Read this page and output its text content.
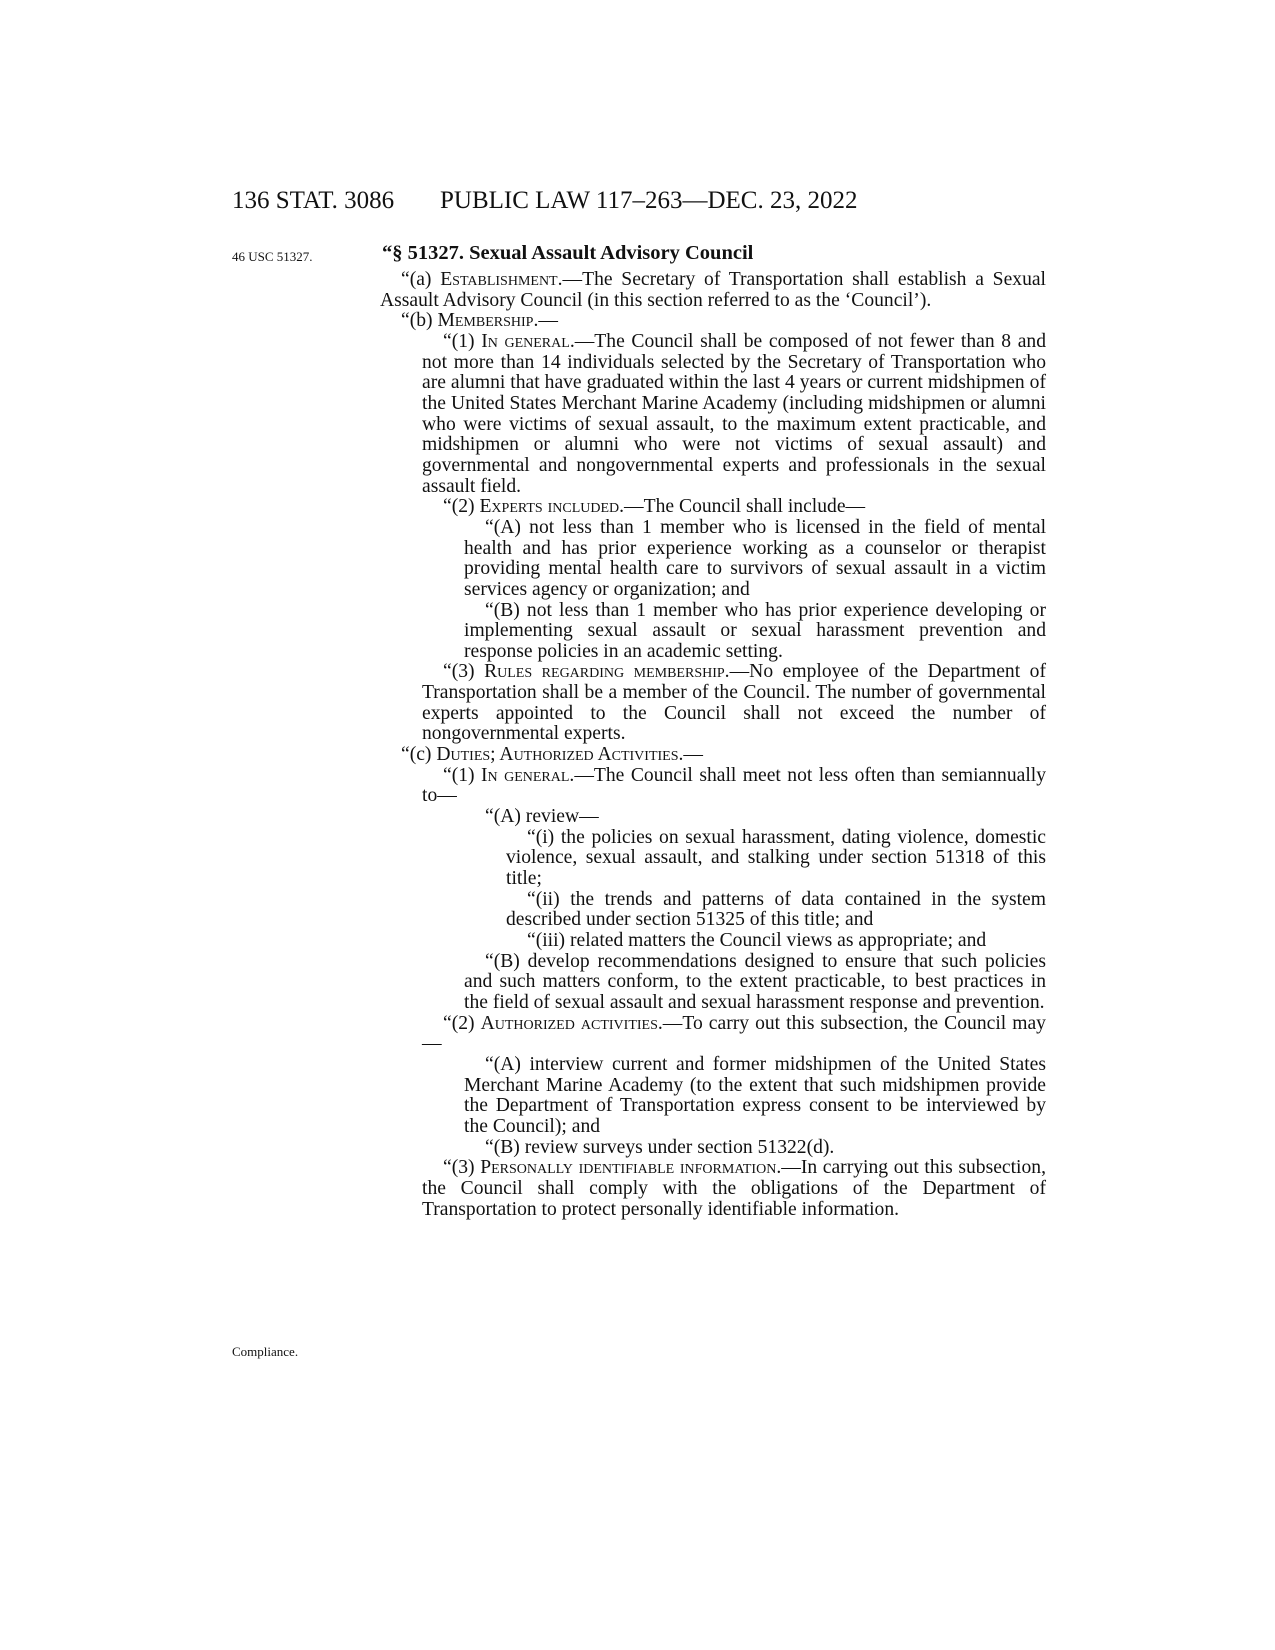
136 STAT. 3086 PUBLIC LAW 117–263—DEC. 23, 2022
46 USC 51327.
Compliance.
“§ 51327. Sexual Assault Advisory Council

“(a) Establishment.—The Secretary of Transportation shall establish a Sexual Assault Advisory Council (in this section referred to as the ‘Council’).

“(b) Membership.—

“(1) In general.—The Council shall be composed of not fewer than 8 and not more than 14 individuals selected by the Secretary of Transportation who are alumni that have graduated within the last 4 years or current midshipmen of the United States Merchant Marine Academy (including midshipmen or alumni who were victims of sexual assault, to the maximum extent practicable, and midshipmen or alumni who were not victims of sexual assault) and governmental and nongovernmental experts and professionals in the sexual assault field.

“(2) Experts included.—The Council shall include—

“(A) not less than 1 member who is licensed in the field of mental health and has prior experience working as a counselor or therapist providing mental health care to survivors of sexual assault in a victim services agency or organization; and

“(B) not less than 1 member who has prior experience developing or implementing sexual assault or sexual harassment prevention and response policies in an academic setting.

“(3) Rules regarding membership.—No employee of the Department of Transportation shall be a member of the Council. The number of governmental experts appointed to the Council shall not exceed the number of nongovernmental experts.

“(c) Duties; Authorized Activities.—

“(1) In general.—The Council shall meet not less often than semiannually to—

“(A) review—

“(i) the policies on sexual harassment, dating violence, domestic violence, sexual assault, and stalking under section 51318 of this title;

“(ii) the trends and patterns of data contained in the system described under section 51325 of this title; and

“(iii) related matters the Council views as appropriate; and

“(B) develop recommendations designed to ensure that such policies and such matters conform, to the extent practicable, to best practices in the field of sexual assault and sexual harassment response and prevention.

“(2) Authorized activities.—To carry out this subsection, the Council may—

“(A) interview current and former midshipmen of the United States Merchant Marine Academy (to the extent that such midshipmen provide the Department of Transportation express consent to be interviewed by the Council); and

“(B) review surveys under section 51322(d).

“(3) Personally identifiable information.—In carrying out this subsection, the Council shall comply with the obligations of the Department of Transportation to protect personally identifiable information.
